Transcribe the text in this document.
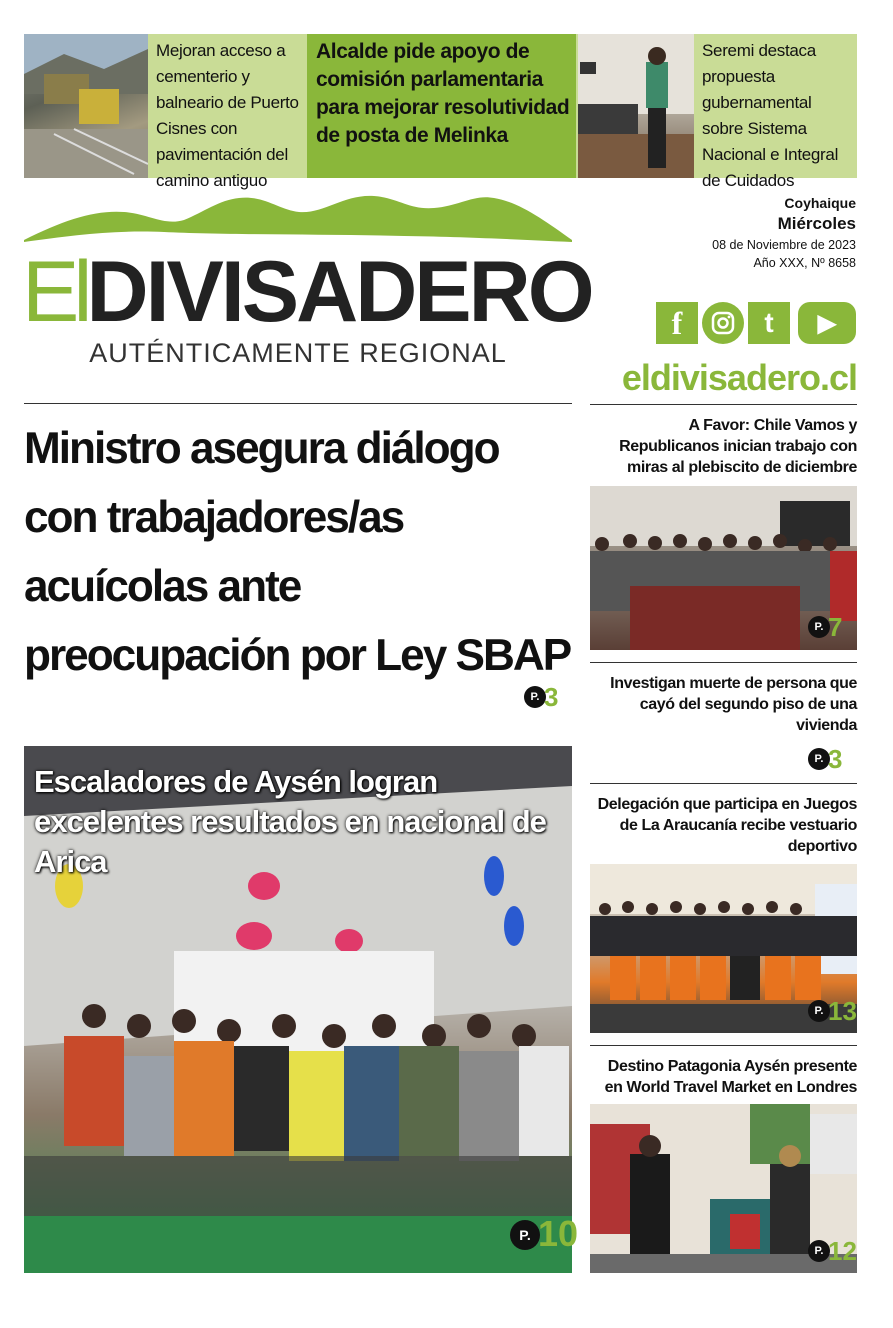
Mejoran acceso a cementerio y balneario de Puerto Cisnes con pavimentación del camino antiguo
Alcalde pide apoyo de comisión parlamentaria para mejorar resolutividad de posta de Melinka
Seremi destaca propuesta gubernamental sobre Sistema Nacional e Integral de Cuidados
ElDIVISADERO
AUTÉNTICAMENTE REGIONAL
Coyhaique
Miércoles
08 de Noviembre de 2023
Año XXX, Nº 8658
f	t ▶
eldivisadero.cl
Ministro asegura diálogo con trabajadores/as acuícolas ante preocupación por Ley SBAP
P. 3
Escaladores de Aysén logran excelentes resultados en nacional de Arica
P. 10
A Favor: Chile Vamos y Republicanos inician trabajo con miras al plebiscito de diciembre
P. 7
Investigan muerte de persona que cayó del segundo piso de una vivienda
P. 3
Delegación que participa en Juegos de La Araucanía recibe vestuario deportivo
P. 13
Destino Patagonia Aysén presente en World Travel Market en Londres
P. 12
